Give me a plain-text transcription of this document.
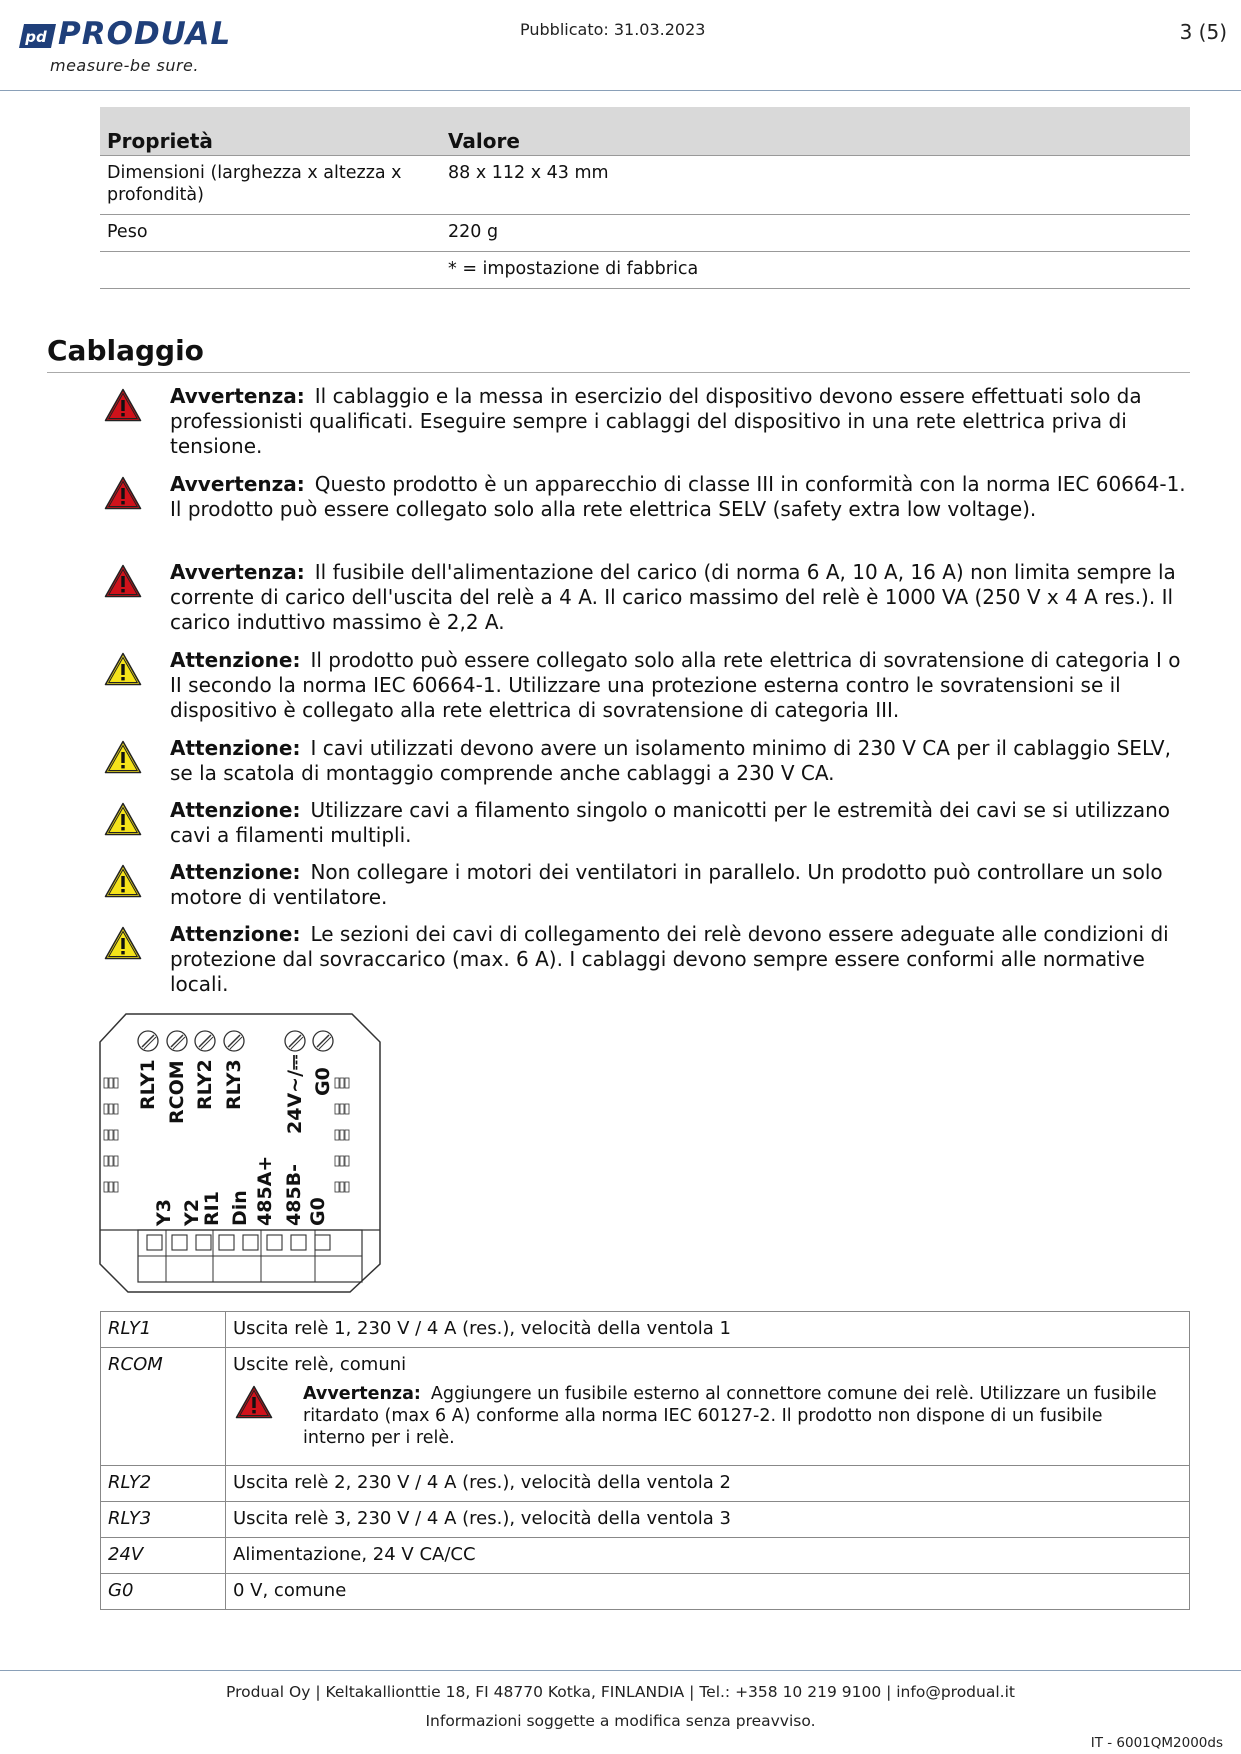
pd PRODUAL
measure-be sure.
Pubblicato: 31.03.2023	3 (5)
Proprietà	Valore
Dimensioni (larghezza x altezza x profondità)	88 x 112 x 43 mm
Peso	220 g
	* = impostazione di fabbrica
Cablaggio
Avvertenza: Il cablaggio e la messa in esercizio del dispositivo devono essere effettuati solo da professionisti qualificati. Eseguire sempre i cablaggi del dispositivo in una rete elettrica priva di tensione.
Avvertenza: Questo prodotto è un apparecchio di classe III in conformità con la norma IEC 60664-1. Il prodotto può essere collegato solo alla rete elettrica SELV (safety extra low voltage).
Avvertenza: Il fusibile dell'alimentazione del carico (di norma 6 A, 10 A, 16 A) non limita sempre la corrente di carico dell'uscita del relè a 4 A. Il carico massimo del relè è 1000 VA (250 V x 4 A res.). Il carico induttivo massimo è 2,2 A.
Attenzione: Il prodotto può essere collegato solo alla rete elettrica di sovratensione di categoria I o II secondo la norma IEC 60664-1. Utilizzare una protezione esterna contro le sovratensioni se il dispositivo è collegato alla rete elettrica di sovratensione di categoria III.
Attenzione: I cavi utilizzati devono avere un isolamento minimo di 230 V CA per il cablaggio SELV, se la scatola di montaggio comprende anche cablaggi a 230 V CA.
Attenzione: Utilizzare cavi a filamento singolo o manicotti per le estremità dei cavi se si utilizzano cavi a filamenti multipli.
Attenzione: Non collegare i motori dei ventilatori in parallelo. Un prodotto può controllare un solo motore di ventilatore.
Attenzione: Le sezioni dei cavi di collegamento dei relè devono essere adeguate alle condizioni di protezione dal sovraccarico (max. 6 A). I cablaggi devono sempre essere conformi alle normative locali.
RLY1 RCOM RLY2 RLY3 24V~/⎓ G0
Y3 Y2
RI1 Din 485A+ 485B- G0
RLY1	Uscita relè 1, 230 V / 4 A (res.), velocità della ventola 1
RCOM	Uscite relè, comuni
Avvertenza: Aggiungere un fusibile esterno al connettore comune dei relè. Utilizzare un fusibile ritardato (max 6 A) conforme alla norma IEC 60127-2. Il prodotto non dispone di un fusibile interno per i relè.

RLY2	Uscita relè 2, 230 V / 4 A (res.), velocità della ventola 2
RLY3	Uscita relè 3, 230 V / 4 A (res.), velocità della ventola 3
24V	Alimentazione, 24 V CA/CC
G0	0 V, comune
Produal Oy | Keltakallionttie 18, FI 48770 Kotka, FINLANDIA | Tel.: +358 10 219 9100 | info@produal.it
Informazioni soggette a modifica senza preavviso.
IT - 6001QM2000ds
